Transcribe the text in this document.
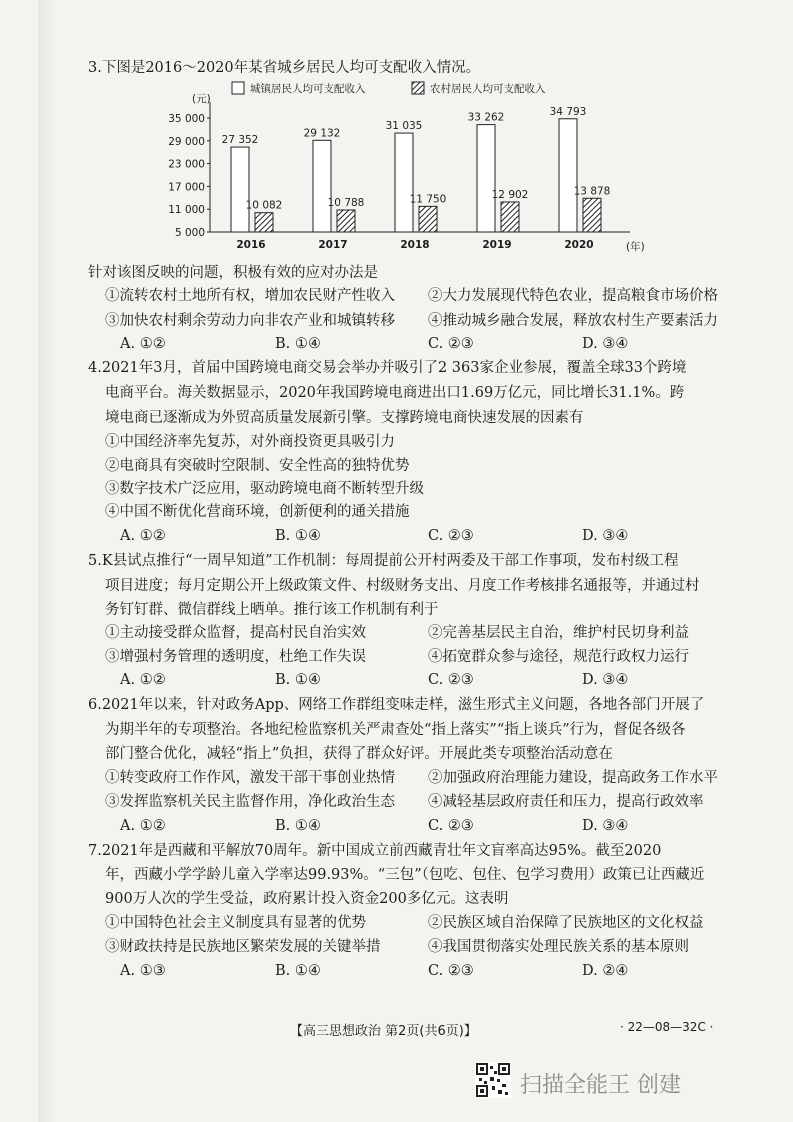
3.下图是2016～2020年某省城乡居民人均可支配收入情况。
35 000
29 000
23 000
17 000
11 000
5 000
(元)
(年)
城镇居民人均可支配收入	农村居民人均可支配收入
27 352
10 082
2016
29 132
10 788
2017
31 035
11 750
2018
33 262
12 902
2019
34 793
13 878
2020
针对该图反映的问题，积极有效的应对办法是
①流转农村土地所有权，增加农民财产性收入 ②大力发展现代特色农业，提高粮食市场价格
③加快农村剩余劳动力向非农产业和城镇转移 ④推动城乡融合发展，释放农村生产要素活力
A. ①②	B. ①④	C. ②③	D. ③④
4.2021年3月，首届中国跨境电商交易会举办并吸引了2 363家企业参展，覆盖全球33个跨境
电商平台。海关数据显示，2020年我国跨境电商进出口1.69万亿元，同比增长31.1%。跨
境电商已逐渐成为外贸高质量发展新引擎。支撑跨境电商快速发展的因素有
①中国经济率先复苏，对外商投资更具吸引力
②电商具有突破时空限制、安全性高的独特优势
③数字技术广泛应用，驱动跨境电商不断转型升级
④中国不断优化营商环境，创新便利的通关措施
A. ①②	B. ①④	C. ②③	D. ③④
5.K县试点推行“一周早知道”工作机制：每周提前公开村两委及干部工作事项，发布村级工程
项目进度；每月定期公开上级政策文件、村级财务支出、月度工作考核排名通报等，并通过村
务钉钉群、微信群线上晒单。推行该工作机制有利于
①主动接受群众监督，提高村民自治实效	②完善基层民主自治，维护村民切身利益
③增强村务管理的透明度，杜绝工作失误	④拓宽群众参与途径，规范行政权力运行
A. ①②	B. ①④	C. ②③	D. ③④
6.2021年以来，针对政务App、网络工作群组变味走样，滋生形式主义问题，各地各部门开展了
为期半年的专项整治。各地纪检监察机关严肃查处“指上落实”“指上谈兵”行为，督促各级各
部门整合优化，减轻“指上”负担，获得了群众好评。开展此类专项整治活动意在
①转变政府工作作风，激发干部干事创业热情 ②加强政府治理能力建设，提高政务工作水平
③发挥监察机关民主监督作用，净化政治生态 ④减轻基层政府责任和压力，提高行政效率
A. ①②	B. ①④	C. ②③	D. ③④
7.2021年是西藏和平解放70周年。新中国成立前西藏青壮年文盲率高达95%。截至2020
年，西藏小学学龄儿童入学率达99.93%。“三包”（包吃、包住、包学习费用）政策已让西藏近
900万人次的学生受益，政府累计投入资金200多亿元。这表明
①中国特色社会主义制度具有显著的优势	②民族区域自治保障了民族地区的文化权益
③财政扶持是民族地区繁荣发展的关键举措	④我国贯彻落实处理民族关系的基本原则
A. ①③	B. ①④	C. ②③	D. ②④
【高三思想政治 第2页(共6页)】	· 22—08—32C ·
扫描全能王 创建
